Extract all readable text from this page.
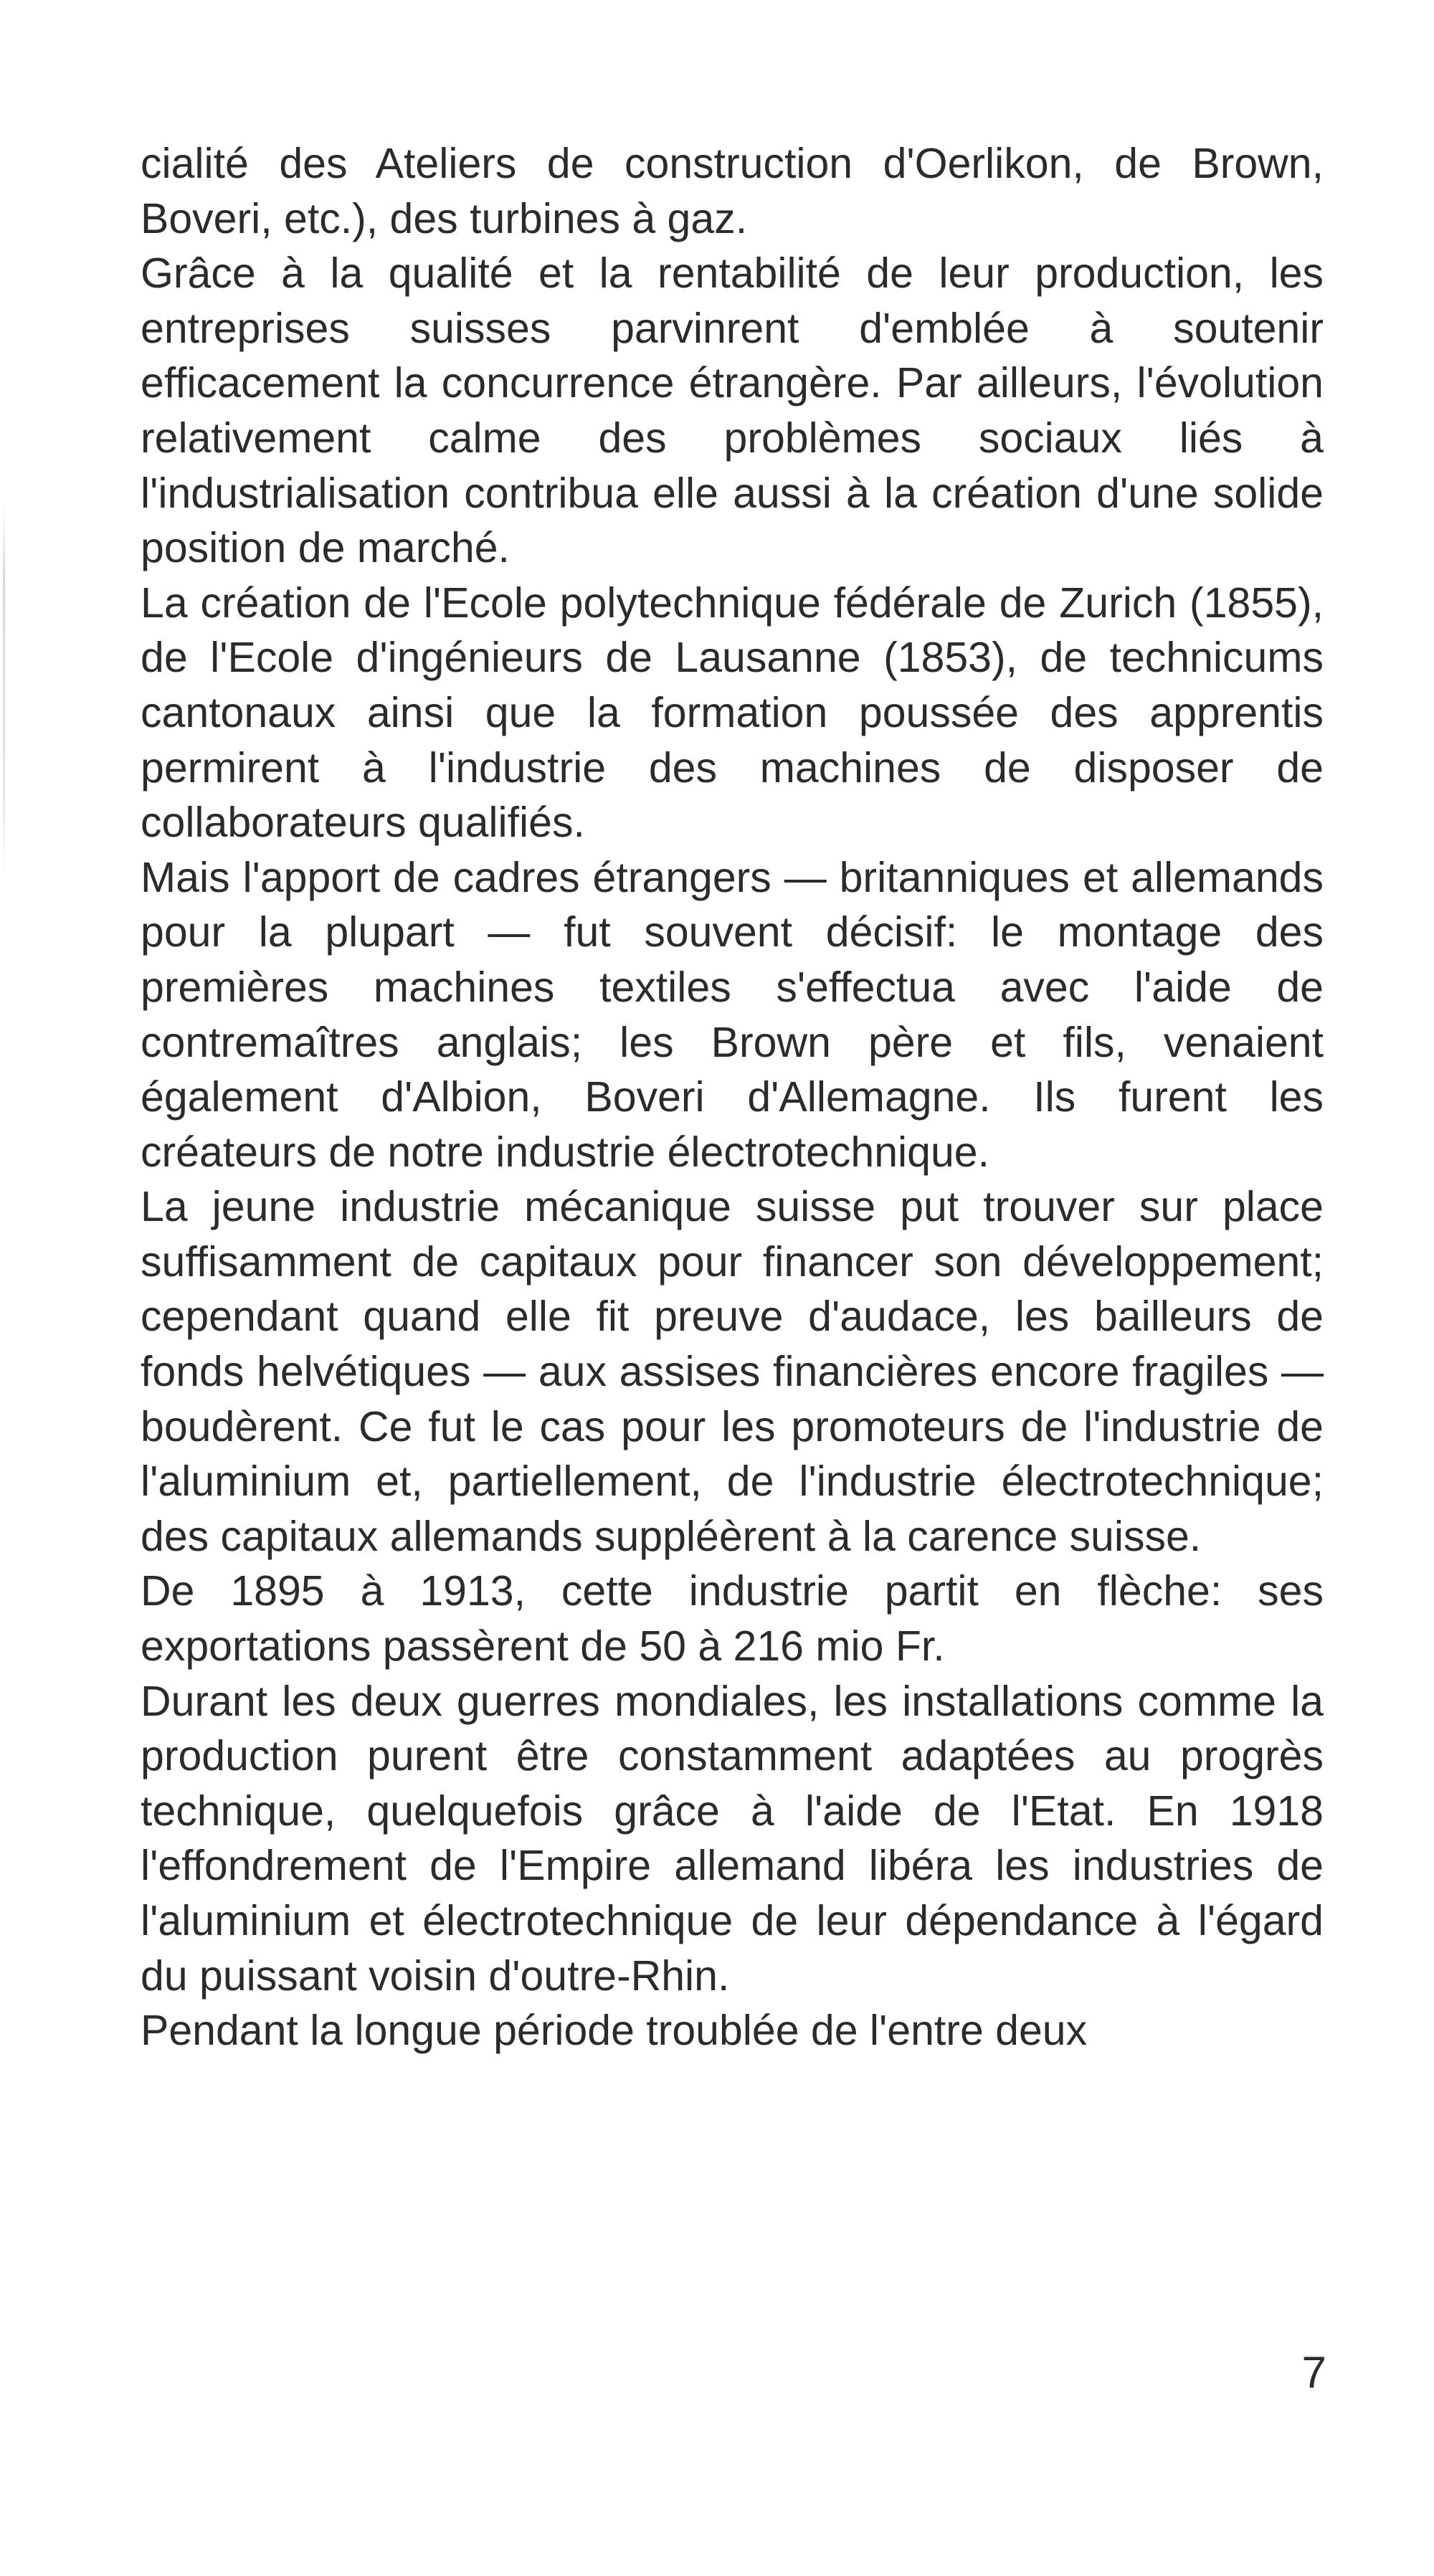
cialité des Ateliers de construction d'Oerlikon, de Brown, Boveri, etc.), des turbines à gaz.

Grâce à la qualité et la rentabilité de leur production, les entreprises suisses parvinrent d'emblée à soutenir efficacement la concurrence étrangère. Par ailleurs, l'évolution relativement calme des problèmes sociaux liés à l'industrialisation contribua elle aussi à la création d'une solide position de marché.

La création de l'Ecole polytechnique fédérale de Zurich (1855), de l'Ecole d'ingénieurs de Lausanne (1853), de technicums cantonaux ainsi que la formation poussée des apprentis permirent à l'industrie des machines de disposer de collaborateurs qualifiés.

Mais l'apport de cadres étrangers — britanniques et allemands pour la plupart — fut souvent décisif: le montage des premières machines textiles s'effectua avec l'aide de contremaîtres anglais; les Brown père et fils, venaient également d'Albion, Boveri d'Allemagne. Ils furent les créateurs de notre industrie électrotechnique.

La jeune industrie mécanique suisse put trouver sur place suffisamment de capitaux pour financer son développement; cependant quand elle fit preuve d'audace, les bailleurs de fonds helvétiques — aux assises financières encore fragiles — boudèrent. Ce fut le cas pour les promoteurs de l'industrie de l'aluminium et, partiellement, de l'industrie électrotechnique; des capitaux allemands suppléèrent à la carence suisse.

De 1895 à 1913, cette industrie partit en flèche: ses exportations passèrent de 50 à 216 mio Fr.

Durant les deux guerres mondiales, les installations comme la production purent être constamment adaptées au progrès technique, quelquefois grâce à l'aide de l'Etat. En 1918 l'effondrement de l'Empire allemand libéra les industries de l'aluminium et électrotechnique de leur dépendance à l'égard du puissant voisin d'outre-Rhin.

Pendant la longue période troublée de l'entre deux

7
